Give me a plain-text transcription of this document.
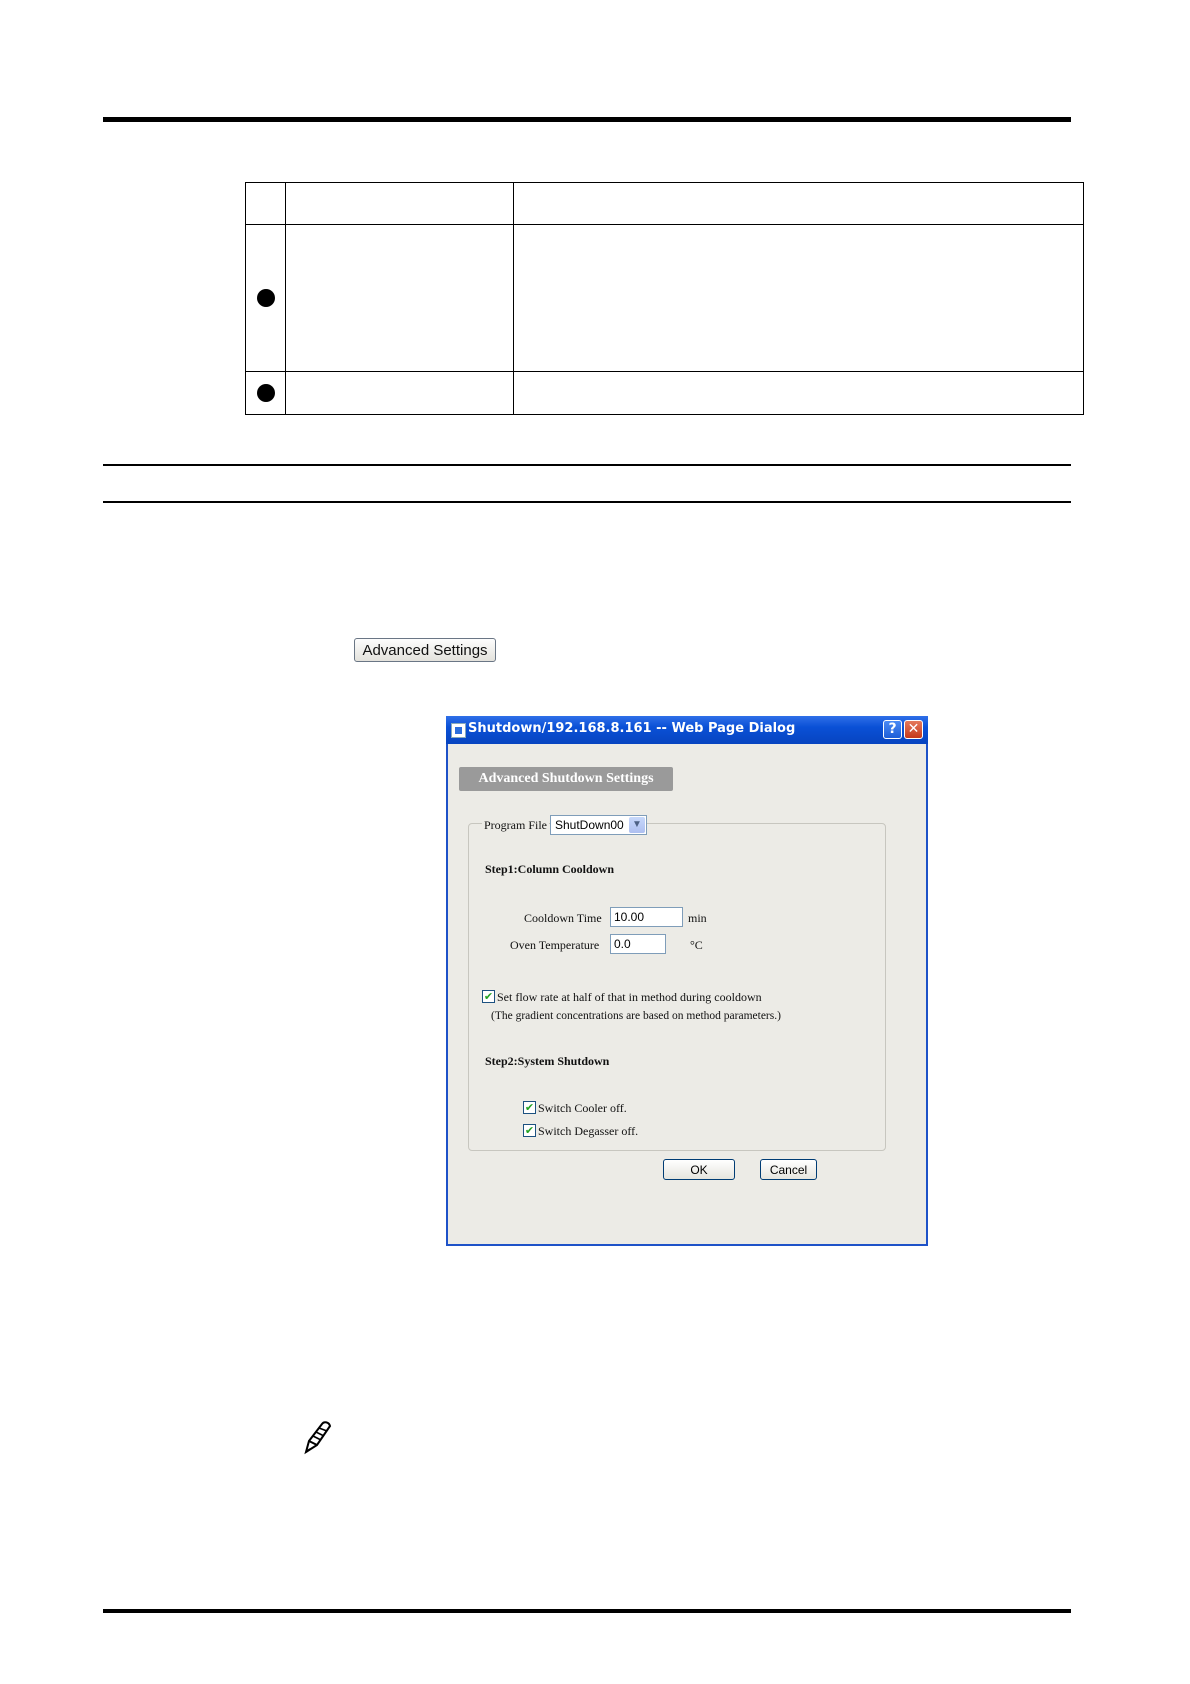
Advanced Settings
Shutdown/192.168.8.161 -- Web Page Dialog	? ✕
Advanced Shutdown Settings
Program File ShutDown00 ▼
Step1:Column Cooldown
Cooldown Time	10.00	min
Oven Temperature	0.0	°C
✔ Set flow rate at half of that in method during cooldown
(The gradient concentrations are based on method parameters.)
Step2:System Shutdown
✔ Switch Cooler off.
✔ Switch Degasser off.
OK	Cancel
